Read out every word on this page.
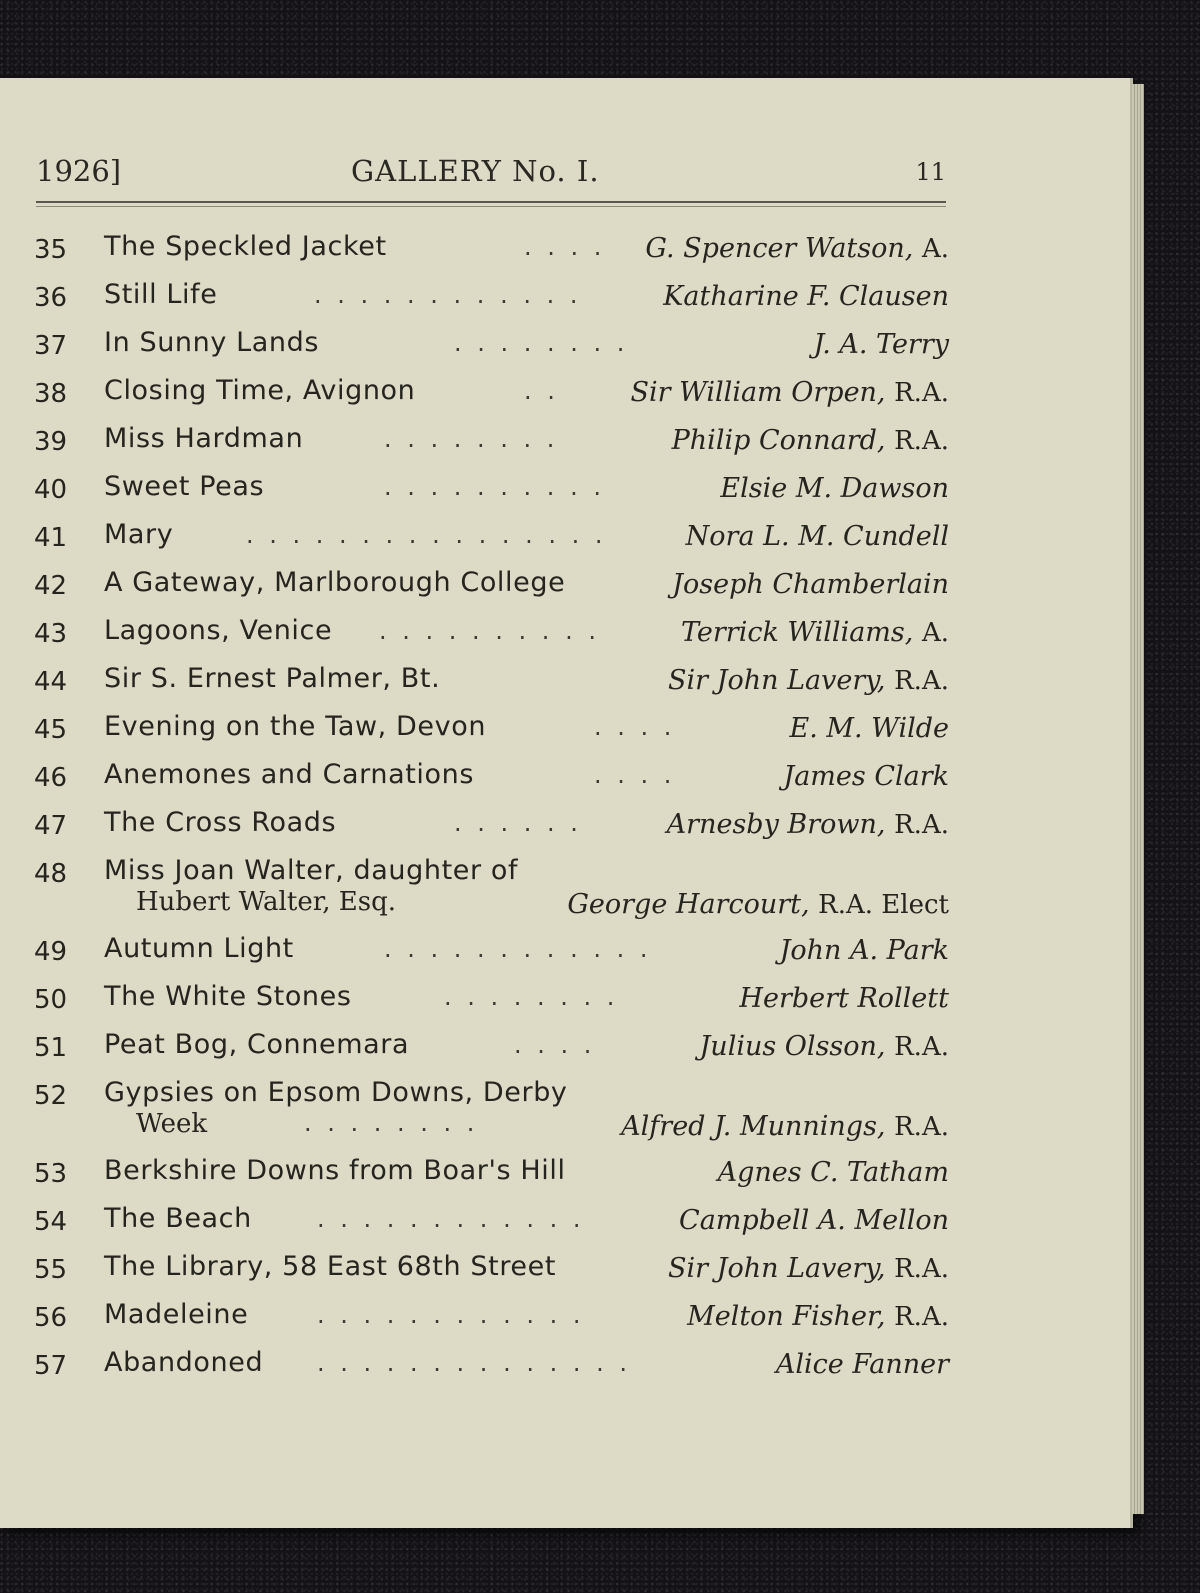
1926]	GALLERY No. I.	11
35 The Speckled Jacket	. . . . G. Spencer Watson, A.
36 Still Life	. . . . . . . . . . . .	Katharine F. Clausen
37 In Sunny Lands	. . . . . . . .	J. A. Terry
38 Closing Time, Avignon	. .	Sir William Orpen, R.A.
39 Miss Hardman	. . . . . . . .	Philip Connard, R.A.
40 Sweet Peas	. . . . . . . . . .	Elsie M. Dawson
41 Mary	. . . . . . . . . . . . . . . .	Nora L. M. Cundell
42 A Gateway, Marlborough College	Joseph Chamberlain
43 Lagoons, Venice . . . . . . . . . .	Terrick Williams, A.
44 Sir S. Ernest Palmer, Bt.	Sir John Lavery, R.A.
45 Evening on the Taw, Devon	. . . .	E. M. Wilde
46 Anemones and Carnations	. . . .	James Clark
47 The Cross Roads	. . . . . .	Arnesby Brown, R.A.
48 Miss Joan Walter, daughter of
Hubert Walter, Esq.	George Harcourt, R.A. Elect
49 Autumn Light	. . . . . . . . . . . .	John A. Park
50 The White Stones	. . . . . . . .	Herbert Rollett
51 Peat Bog, Connemara	. . . .	Julius Olsson, R.A.
52 Gypsies on Epsom Downs, Derby
Week	. . . . . . . .	Alfred J. Munnings, R.A.
53 Berkshire Downs from Boar's Hill	Agnes C. Tatham
54 The Beach	. . . . . . . . . . . .	Campbell A. Mellon
55 The Library, 58 East 68th Street	Sir John Lavery, R.A.
56 Madeleine	. . . . . . . . . . . .	Melton Fisher, R.A.
57 Abandoned . . . . . . . . . . . . . .	Alice Fanner
